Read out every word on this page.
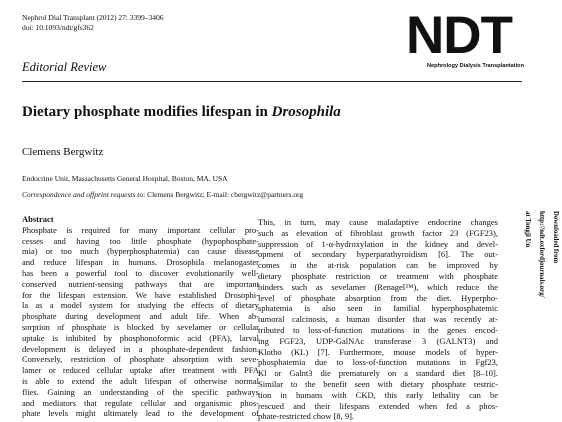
Nephrol Dial Transplant (2012) 27: 3399–3406
doi: 10.1093/ndt/gfs362	NDT
Nephrology Dialysis Transplantation
Editorial Review
Dietary phosphate modifies lifespan in Drosophila
Clemens Bergwitz
Endocrine Unit, Massachusetts General Hospital, Boston, MA, USA
Correspondence and offprint requests to: Clemens Bergwitz; E-mail: cbergwitz@partners.org
Abstract
Phosphate is required for many important cellular pro-
cesses and having too little phosphate (hypophosphate-
mia) or too much (hyperphosphatemia) can cause disease
and reduce lifespan in humans. Drosophila melanogaster
has been a powerful tool to discover evolutionarily well-
conserved nutrient-sensing pathways that are important
for the lifespan extension. We have established Drosophi-
la as a model system for studying the effects of dietary
phosphate during development and adult life. When ab-
sorption of phosphate is blocked by sevelamer or cellular
uptake is inhibited by phosphonoformic acid (PFA), larval
development is delayed in a phosphate-dependent fashion.
Conversely, restriction of phosphate absorption with seve-
lamer or reduced cellular uptake after treatment with PFA
is able to extend the adult lifespan of otherwise normal
flies. Gaining an understanding of the specific pathways
and mediators that regulate cellular and organismic phos-
phate levels might ultimately lead to the development of
This, in turn, may cause maladaptive endocrine changes
such as elevation of fibroblast growth factor 23 (FGF23),
suppression of 1-α-hydroxylation in the kidney and devel-
opment of secondary hyperparathyroidism [6]. The out-
comes in the at-risk population can be improved by
dietary phosphate restriction or treatment with phosphate
binders such as sevelamer (Renagel™), which reduce the
level of phosphate absorption from the diet. Hyperpho-
sphatemia is also seen in familial hyperphosphatemic
tumoral calcinosis, a human disorder that was recently at-
tributed to loss-of-function mutations in the genes encod-
ing FGF23, UDP-GalNAc transferase 3 (GALNT3) and
Klotho (KL) [7]. Furthermore, mouse models of hyper-
phosphatemia due to loss-of-function mutations in Fgf23,
Kl or Galnt3 die prematurely on a standard diet [8–10].
Similar to the benefit seen with dietary phosphate restric-
tion in humans with CKD, this early lethality can be
rescued and their lifespans extended when fed a phos-
phate-restricted chow [8, 9].
Downloaded from
http://ndt.oxfordjournals.org/
at Tongji Un
